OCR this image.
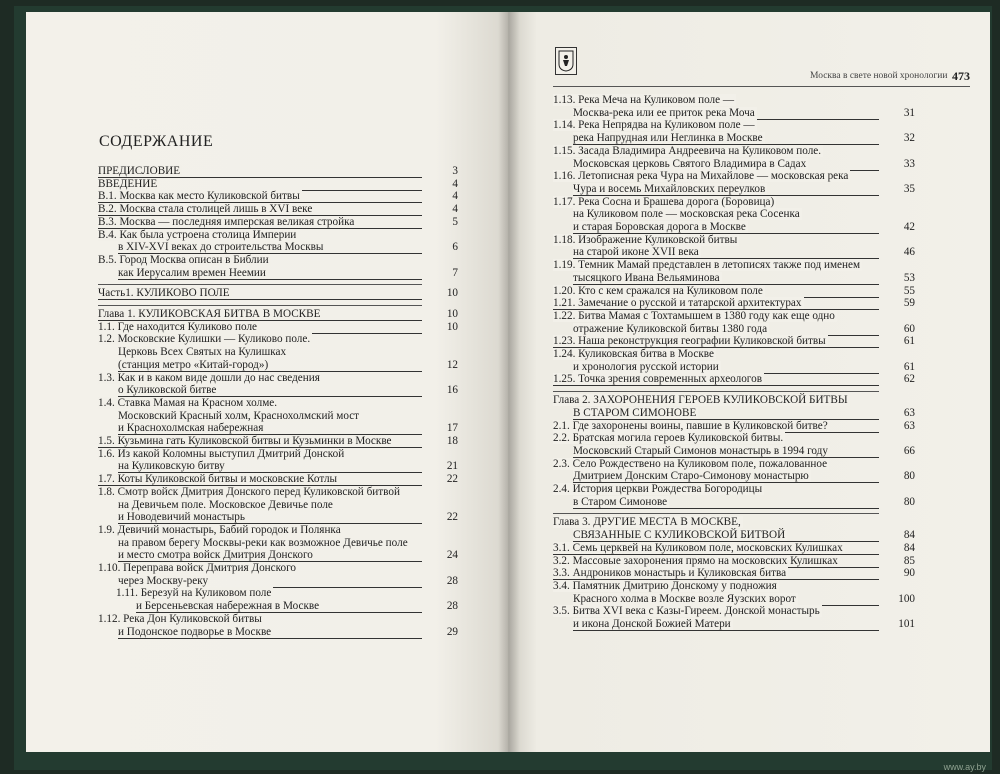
СОДЕРЖАНИЕ
Москва в свете новой хронологии 473
ПРЕДИСЛОВИЕ	3
ВВЕДЕНИЕ	4
В.1. Москва как место Куликовской битвы	4
В.2. Москва стала столицей лишь в XVI веке	4
В.3. Москва — последняя имперская великая стройка	5
В.4. Как была устроена столица Империи
в XIV-XVI веках до строительства Москвы	6
В.5. Город Москва описан в Библии
как Иерусалим времен Неемии	7
Часть1. КУЛИКОВО ПОЛЕ	10
Глава 1. КУЛИКОВСКАЯ БИТВА В МОСКВЕ	10
1.1. Где находится Куликово поле	10
1.2. Московские Кулишки — Куликово поле.
Церковь Всех Святых на Кулишках
(станция метро «Китай-город»)	12
1.3. Как и в каком виде дошли до нас сведения
о Куликовской битве	16
1.4. Ставка Мамая на Красном холме.
Московский Красный холм, Краснохолмский мост
и Краснохолмская набережная	17
1.5. Кузьмина гать Куликовской битвы и Кузьминки в Москве	18
1.6. Из какой Коломны выступил Дмитрий Донской
на Куликовскую битву	21
1.7. Коты Куликовской битвы и московские Котлы	22
1.8. Смотр войск Дмитрия Донского перед Куликовской битвой
на Девичьем поле. Московское Девичье поле
и Новодевичий монастырь	22
1.9. Девичий монастырь, Бабий городок и Полянка
на правом берегу Москвы-реки как возможное Девичье поле
и место смотра войск Дмитрия Донского	24
1.10. Переправа войск Дмитрия Донского
через Москву-реку	28
1.11. Березуй на Куликовом поле
и Берсеньевская набережная в Москве	28
1.12. Река Дон Куликовской битвы
и Подонское подворье в Москве	29
1.13. Река Меча на Куликовом поле —
Москва-река или ее приток река Моча	31
1.14. Река Непрядва на Куликовом поле —
река Напрудная или Неглинка в Москве	32
1.15. Засада Владимира Андреевича на Куликовом поле.
Московская церковь Святого Владимира в Садах	33
1.16. Летописная река Чура на Михайлове — московская река
Чура и восемь Михайловских переулков	35
1.17. Река Сосна и Брашева дорога (Боровица)
на Куликовом поле — московская река Сосенка
и старая Боровская дорога в Москве	42
1.18. Изображение Куликовской битвы
на старой иконе XVII века	46
1.19. Темник Мамай представлен в летописях также под именем
тысяцкого Ивана Вельяминова	53
1.20. Кто с кем сражался на Куликовом поле	55
1.21. Замечание о русской и татарской архитектурах	59
1.22. Битва Мамая с Тохтамышем в 1380 году как еще одно
отражение Куликовской битвы 1380 года	60
1.23. Наша реконструкция географии Куликовской битвы	61
1.24. Куликовская битва в Москве
и хронология русской истории	61
1.25. Точка зрения современных археологов	62
Глава 2. ЗАХОРОНЕНИЯ ГЕРОЕВ КУЛИКОВСКОЙ БИТВЫ
В СТАРОМ СИМОНОВЕ	63
2.1. Где захоронены воины, павшие в Куликовской битве?	63
2.2. Братская могила героев Куликовской битвы.
Московский Старый Симонов монастырь в 1994 году	66
2.3. Село Рождествено на Куликовом поле, пожалованное
Дмитрием Донским Старо-Симонову монастырю	80
2.4. История церкви Рождества Богородицы
в Старом Симонове	80
Глава 3. ДРУГИЕ МЕСТА В МОСКВЕ,
СВЯЗАННЫЕ С КУЛИКОВСКОЙ БИТВОЙ	84
3.1. Семь церквей на Куликовом поле, московских Кулишках	84
3.2. Массовые захоронения прямо на московских Кулишках	85
3.3. Андроников монастырь и Куликовская битва	90
3.4. Памятник Дмитрию Донскому у подножия
Красного холма в Москве возле Яузских ворот	100
3.5. Битва XVI века с Казы-Гиреем. Донской монастырь
и икона Донской Божией Матери	101
www.ay.by
